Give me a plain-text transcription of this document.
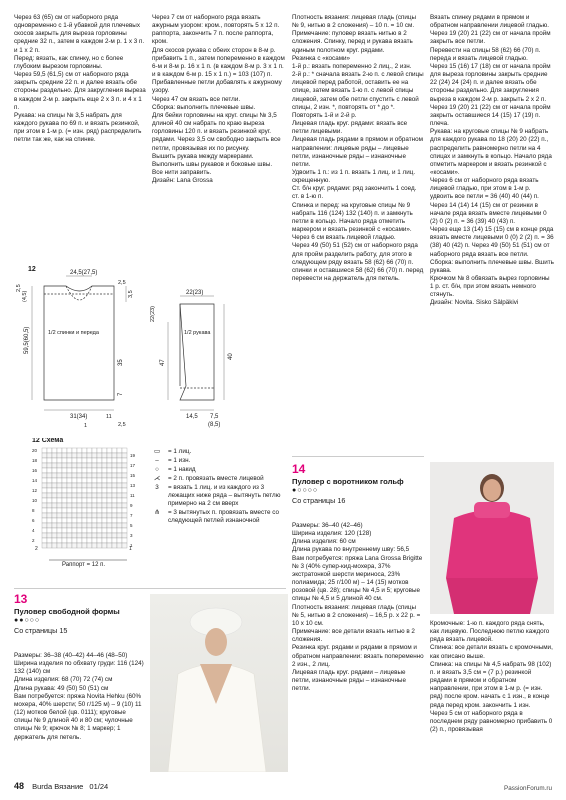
Через 63 (65) см от наборного ряда одновременно с 1-й убавкой для плечевых скосов закрыть для выреза горловины средние 32 п., затем в каждом 2-м р. 1 х 3 п. и 1 х 2 п.
Перед: вязать, как спинку, но с более глубоким вырезом горловины.
Через 59,5 (61,5) см от наборного ряда закрыть средние 22 п. и далее вязать обе стороны раздельно. Для закругления выреза в каждом 2-м р. закрыть еще 2 х 3 п. и 4 х 1 п.
Рукава: на спицы № 3,5 набрать для каждого рукава по 69 п. и вязать резинкой, при этом в 1-м р. (= изн. ряд) распределить петли так же, как на спинке.
Через 7 см от наборного ряда вязать ажурным узором: кром., повторять 5 х 12 п. раппорта, закончить 7 п. после раппорта, кром.
Для скосов рукава с обеих сторон в 8-м р. прибавить 1 п., затем попеременно в каждом 6-м и 8-м р. 16 х 1 п. (в каждом 8-м р. 3 х 1 п. и в каждом 6-м р. 15 х 1 п.) = 103 (107) п. Прибавленные петли добавлять к ажурному узору.
Через 47 см вязать все петли.
Сборка: выполнить плечевые швы.
Для бейки горловины на круг. спицы № 3,5 длиной 40 см набрать по краю выреза горловины 120 п. и вязать резинкой круг. рядами. Через 3,5 см свободно закрыть все петли, провязывая их по рисунку.
Вышить рукава между маркерами. Выполнить швы рукавов и боковые швы.
Все нити заправить.
Дизайн: Lana Grossa
Плотность вязания: лицевая гладь (спицы № 9, нитью в 2 сложения) – 10 п. = 10 см.
Примечание: пуловер вязать нитью в 2 сложения. Спинку, перед и рукава вязать единым полотном круг. рядами.
Резинка с «косами»
1-й р.: вязать попеременно 2 лиц., 2 изн.
2-й р.: * сначала вязать 2-ю п. с левой спицы лицевой перед работой, оставить ее на спице, затем вязать 1-ю п. с левой спицы лицевой, затем обе петли спустить с левой спицы, 2 изн. *, повторять от * до *.
Повторять 1-й и 2-й р.
Лицевая гладь круг. рядами: вязать все петли лицевыми.
Лицевая гладь рядами в прямом и обратном направлении: лицевые ряды – лицевые петли, изнаночные ряды – изнаночные петли.
Удвоить 1 п.: из 1 п. вязать 1 лиц. и 1 лиц. скрещенную.
Ст. б/н круг. рядами: ряд закончить 1 соед. ст. в 1-ю п.
Спинка и перед: на круговые спицы № 9 набрать 116 (124) 132 (140) п. и замкнуть петли в кольцо. Начало ряда отметить маркером и вязать резинкой с «косами».
Через 6 см вязать лицевой гладью.
Через 49 (50) 51 (52) см от наборного ряда для пройм разделить работу, для этого в следующем ряду вязать 58 (62) 66 (70) п. спинки и оставшиеся 58 (62) 66 (70) п. перед перевести на держатель для петель.
Вязать спинку рядами в прямом и обратном направлении лицевой гладью.
Через 19 (20) 21 (22) см от начала пройм закрыть все петли.
Перевести на спицы 58 (62) 66 (70) п. переда и вязать лицевой гладью.
Через 15 (16) 17 (18) см от начала пройм для выреза горловины закрыть средние 22 (24) 24 (24) п. и далее вязать обе стороны раздельно. Для закругления выреза в каждом 2-м р. закрыть 2 х 2 п.
Через 19 (20) 21 (22) см от начала пройм закрыть оставшиеся 14 (15) 17 (19) п. плеча.
Рукава: на круговые спицы № 9 набрать для каждого рукава по 18 (20) 20 (22) п., распределить равномерно петли на 4 спицах и замкнуть в кольцо. Начало ряда отметить маркером и вязать резинкой с «косами».
Через 6 см от наборного ряда вязать лицевой гладью, при этом в 1-м р. удвоить все петли = 36 (40) 40 (44) п. Через 14 (14) 14 (15) см от резинки в начале ряда вязать вместе лицевыми 0 (2) 0 (2) п. = 36 (39) 40 (43) п.
Через еще 13 (14) 15 (15) см в конце ряда вязать вместе лицевыми 0 (0) 2 (2) п. = 36 (38) 40 (42) п. Через 49 (50) 51 (51) см от наборного ряда вязать все петли.
Сборка: выполнить плечевые швы. Вшить рукава.
Крючком № 8 обвязать вырез горловины 1 р. ст. б/н, при этом вязать немного стянуть.
Дизайн: Novita. Sisko Sälpäkivi
12	24,5(27,5)
1/2 спинки и переда	1/2 рукава
31(34)
59,5(60,5)
2,5
(4,5)	3,5
2,5
1
11
2,5
22(23)
22(23)
35
7
47
40
14,5 7,5
(8,5)
12 Схема
20
18
16
14
12
10
8
6
4
2
19
17
15
13
11
9
7
5
3
1
2	1
Раппорт = 12 п.
▭	= 1 лиц.
–	= 1 изн.
○	= 1 накид
⋌	= 2 п. провязать вместе лицевой
3	= вязать 1 лиц. и из каждого из 3 лежащих ниже ряда – вытянуть петлю примерно на 2 см вверх
⋔	= 3 вытянутых п. провязать вместе со следующей петлей изнаночной
13
Пуловер свободной формы
●●○○○
Со страницы 15
Размеры: 36–38 (40–42) 44–46 (48–50)
Ширина изделия по обхвату груди: 116 (124) 132 (140) см
Длина изделия: 68 (70) 72 (74) см
Длина рукава: 49 (50) 50 (51) см
Вам потребуется: пряжа Novita Hehku (60% мохера, 40% шерсти; 50 г/125 м) – 9 (10) 11 (12) мотков белой (цв. 0111); круговые спицы № 9 длиной 40 и 80 см; чулочные спицы № 9; крючок № 8; 1 маркер; 1 держатель для петель.
14
Пуловер с воротником гольф
●○○○○
Со страницы 16
Размеры: 36–40 (42–46)
Ширина изделия: 120 (128)
Длина изделия: 60 см
Длина рукава по внутреннему шву: 56,5
Вам потребуется: пряжа Lana Grossa Brigitte № 3 (40% супер-кид-мохера, 37% экстратонкой шерсти мериноса, 23% полиамида; 25 г/100 м) – 14 (15) мотков розовой (цв. 28); спицы № 4,5 и 5; круговые спицы № 4,5 и 5 длиной 40 см.
Плотность вязания: лицевая гладь (спицы № 5, нитью в 2 сложения) – 16,5 р. х 22 р. = 10 х 10 см.
Примечание: все детали вязать нитью в 2 сложения.
Резинка круг. рядами и рядами в прямом и обратном направлении: вязать попеременно 2 изн., 2 лиц.
Лицевая гладь круг. рядами – лицевые петли, изнаночные ряды – изнаночные петли.
Кромочные: 1-ю п. каждого ряда снять, как лицевую. Последнюю петлю каждого ряда вязать лицевой.
Спинка: все детали вязать с кромочными, как описано выше.
Спинка: на спицы № 4,5 набрать 98 (102) п. и вязать 3,5 см = (7 р.) резинкой рядами в прямом и обратном направлении, при этом в 1-м р. (= изн. ряд) после кром. начать с 1 изн., в конце ряда перед кром. закончить 1 изн.
Через 5 см от наборного ряда в последнем ряду равномерно прибавить 0 (2) п., провязывая
48 Burda Вязание 01/24	PassionForum.ru
